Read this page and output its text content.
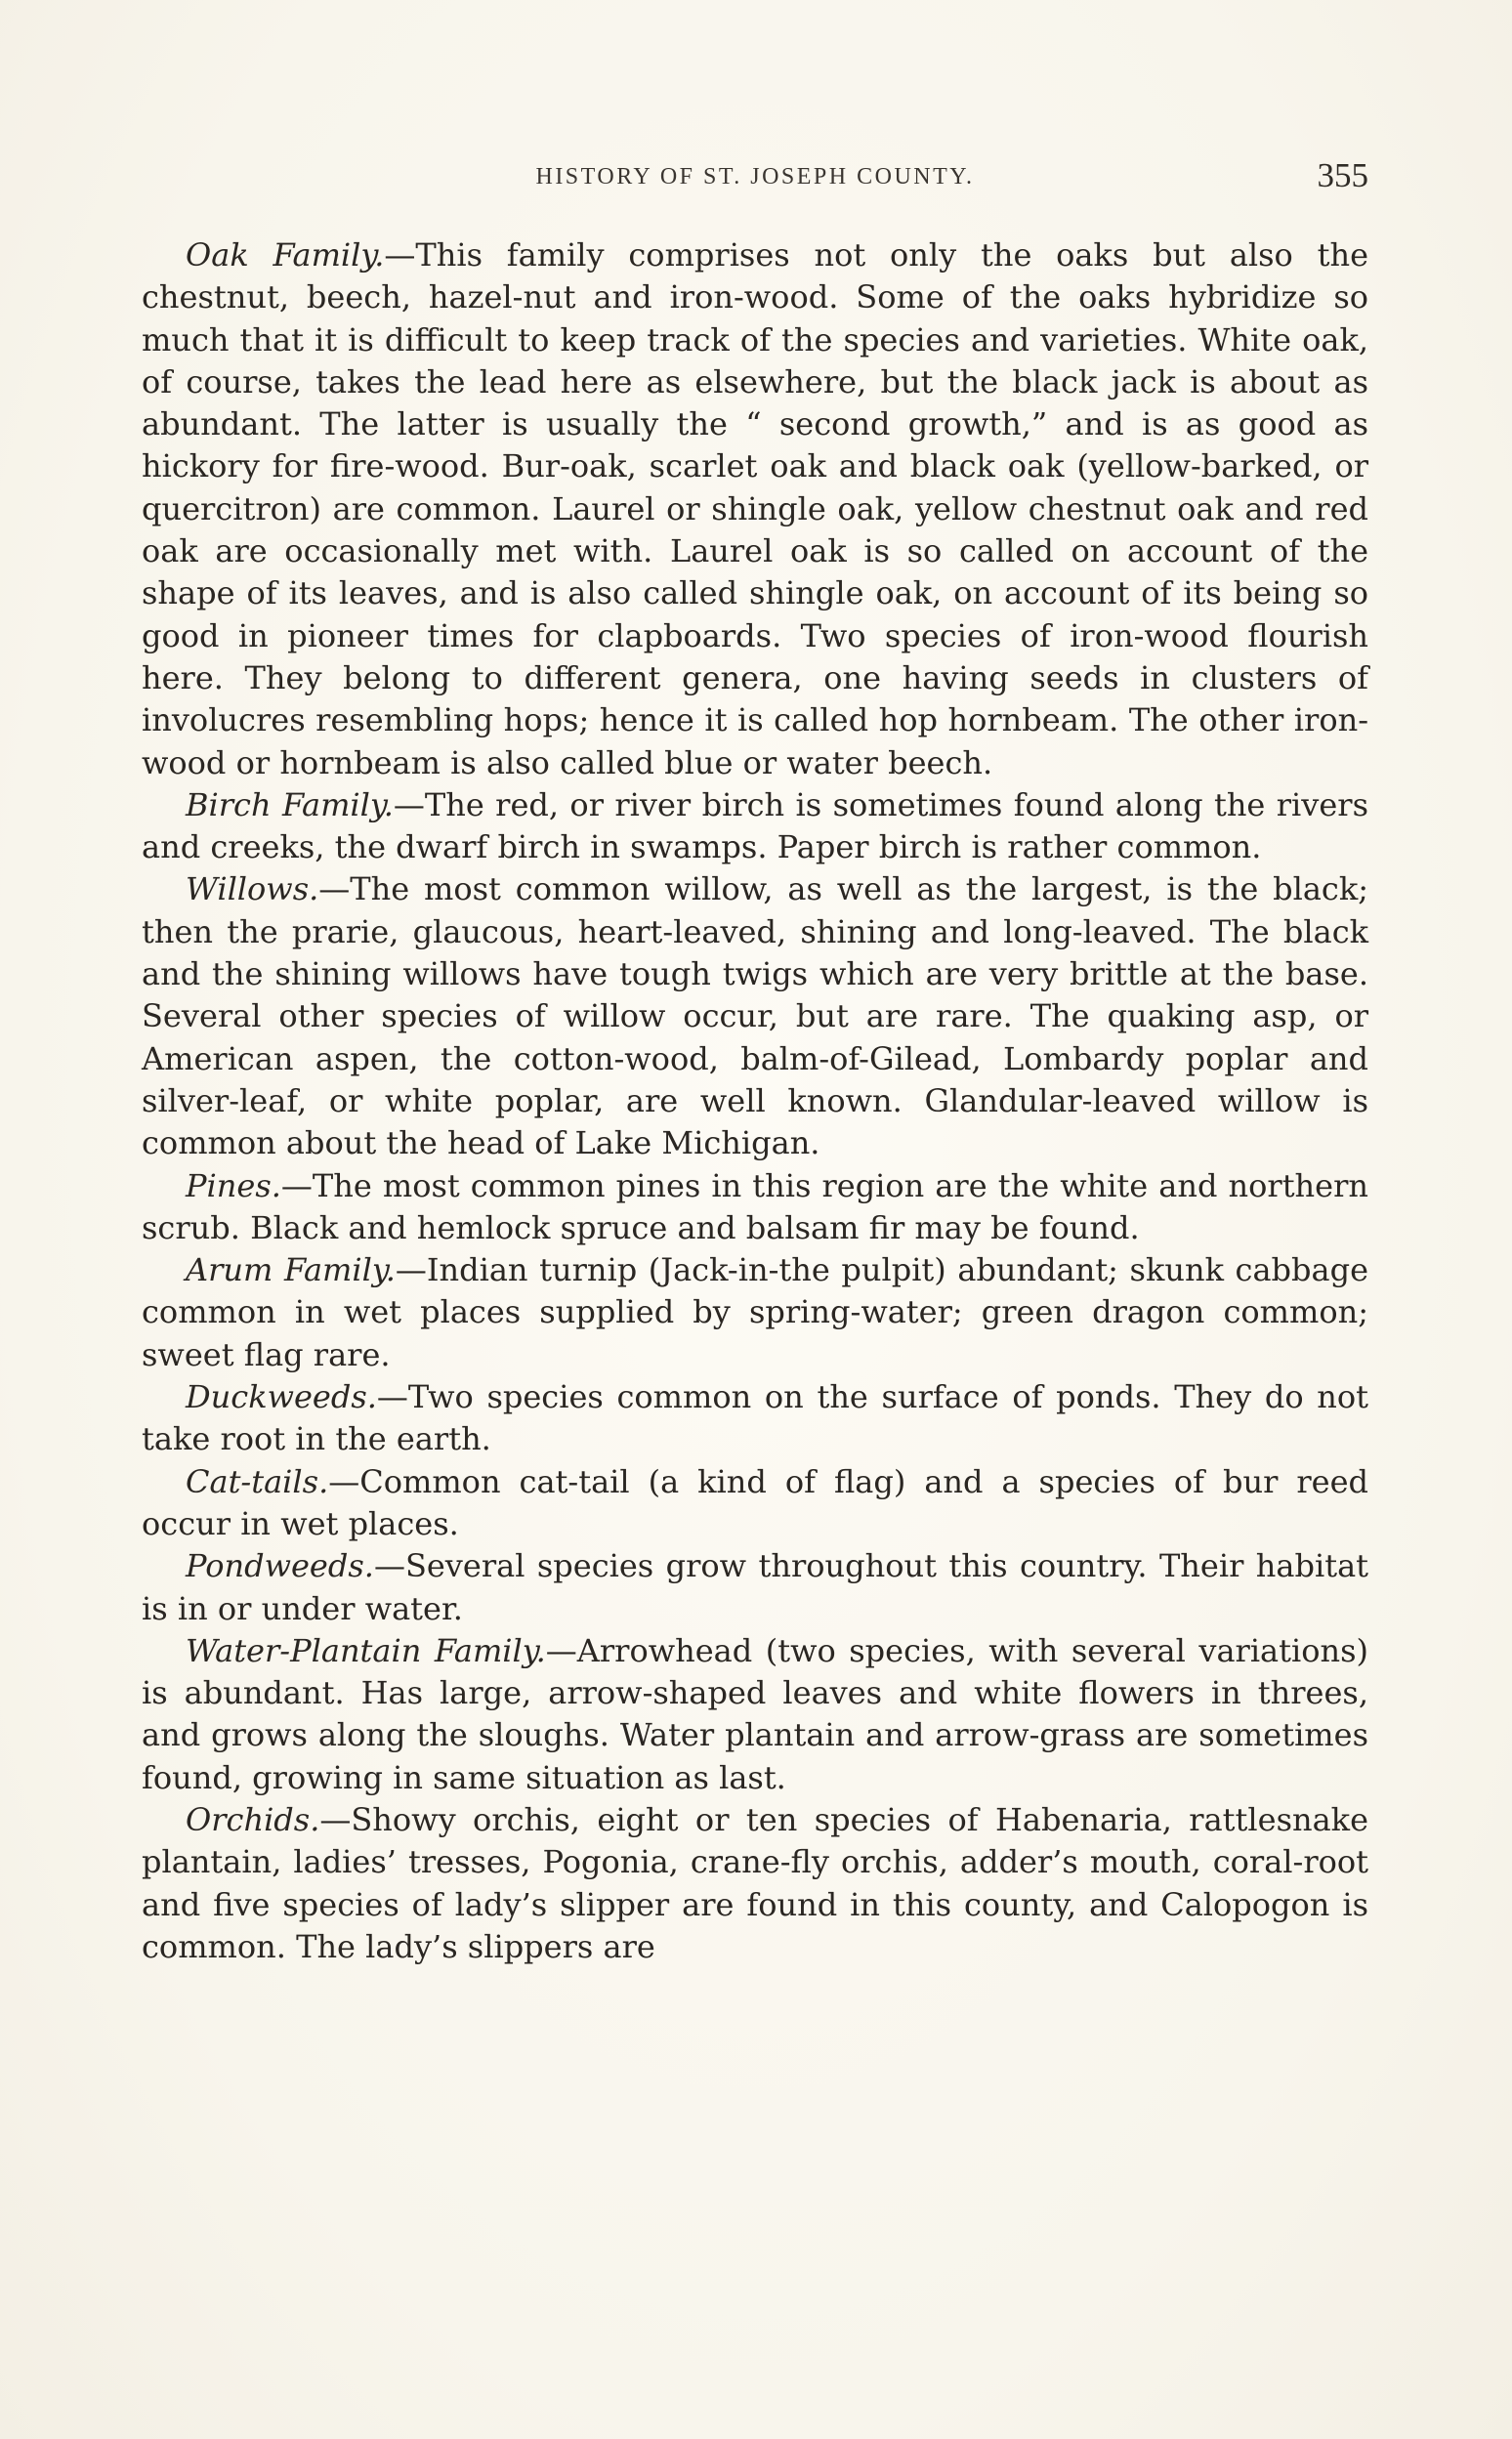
HISTORY OF ST. JOSEPH COUNTY.	355

Oak Family.—This family comprises not only the oaks but also the chestnut, beech, hazel-nut and iron-wood. Some of the oaks hybridize so much that it is difficult to keep track of the species and varieties. White oak, of course, takes the lead here as elsewhere, but the black jack is about as abundant. The latter is usually the “ second growth,” and is as good as hickory for fire-wood. Bur-oak, scarlet oak and black oak (yellow-barked, or quercitron) are common. Laurel or shingle oak, yellow chestnut oak and red oak are occasionally met with. Laurel oak is so called on account of the shape of its leaves, and is also called shingle oak, on account of its being so good in pioneer times for clapboards. Two species of iron-wood flourish here. They belong to different genera, one having seeds in clusters of involucres resembling hops; hence it is called hop hornbeam. The other iron-wood or hornbeam is also called blue or water beech.

Birch Family.—The red, or river birch is sometimes found along the rivers and creeks, the dwarf birch in swamps. Paper birch is rather common.

Willows.—The most common willow, as well as the largest, is the black; then the prarie, glaucous, heart-leaved, shining and long-leaved. The black and the shining willows have tough twigs which are very brittle at the base. Several other species of willow occur, but are rare. The quaking asp, or American aspen, the cotton-wood, balm-of-Gilead, Lombardy poplar and silver-leaf, or white poplar, are well known. Glandular-leaved willow is common about the head of Lake Michigan.

Pines.—The most common pines in this region are the white and northern scrub. Black and hemlock spruce and balsam fir may be found.

Arum Family.—Indian turnip (Jack-in-the pulpit) abundant; skunk cabbage common in wet places supplied by spring-water; green dragon common; sweet flag rare.

Duckweeds.—Two species common on the surface of ponds. They do not take root in the earth.

Cat-tails.—Common cat-tail (a kind of flag) and a species of bur reed occur in wet places.

Pondweeds.—Several species grow throughout this country. Their habitat is in or under water.

Water-Plantain Family.—Arrowhead (two species, with several variations) is abundant. Has large, arrow-shaped leaves and white flowers in threes, and grows along the sloughs. Water plantain and arrow-grass are sometimes found, growing in same situation as last.

Orchids.—Showy orchis, eight or ten species of Habenaria, rattlesnake plantain, ladies’ tresses, Pogonia, crane-fly orchis, adder’s mouth, coral-root and five species of lady’s slipper are found in this county, and Calopogon is common. The lady’s slippers are
